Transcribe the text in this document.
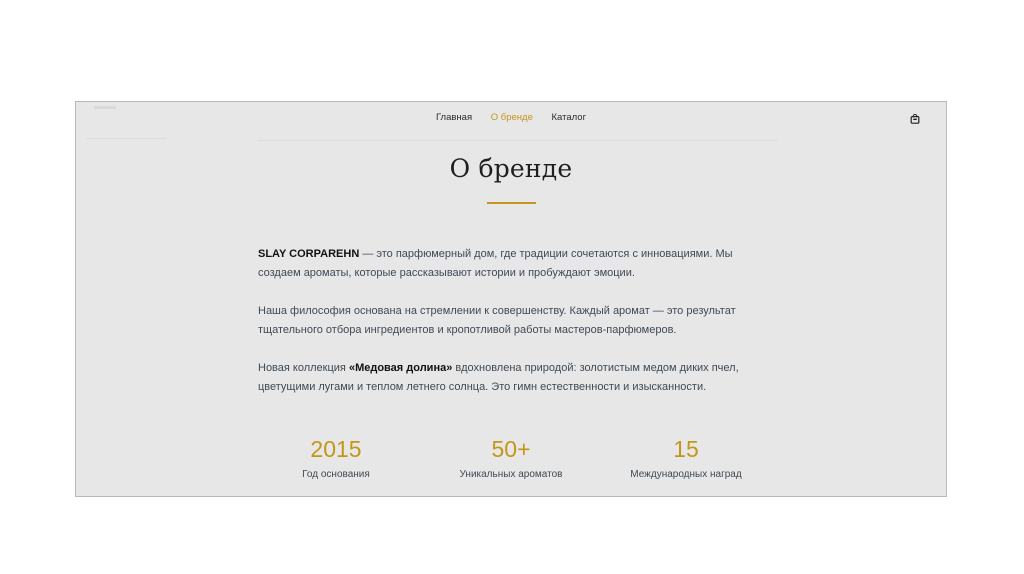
Главная О бренде Каталог
О бренде

SLAY CORPAREHN — это парфюмерный дом, где традиции сочетаются с инновациями. Мы создаем ароматы, которые рассказывают истории и пробуждают эмоции.

Наша философия основана на стремлении к совершенству. Каждый аромат — это результат тщательного отбора ингредиентов и кропотливой работы мастеров-парфюмеров.

Новая коллекция «Медовая долина» вдохновлена природой: золотистым медом диких пчел, цветущими лугами и теплом летнего солнца. Это гимн естественности и изысканности.

2015
Год основания
50+
Уникальных ароматов
15
Международных наград
